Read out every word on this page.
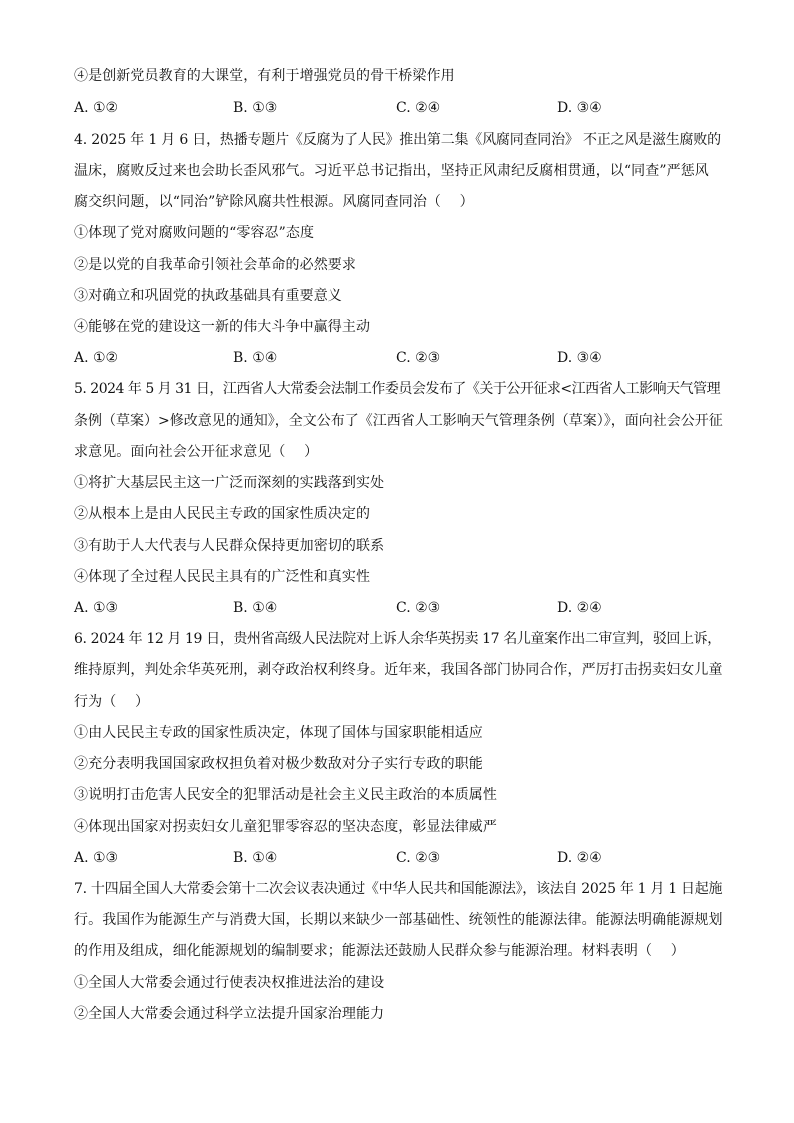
④是创新党员教育的大课堂，有利于增强党员的骨干桥梁作用
A. ①②	B. ①③	C. ②④	D. ③④
4. 2025 年 1 月 6 日，热播专题片《反腐为了人民》推出第二集《风腐同查同治》 不正之风是滋生腐败的
温床，腐败反过来也会助长歪风邪气。习近平总书记指出，坚持正风肃纪反腐相贯通，以“同查”严惩风
腐交织问题，以“同治”铲除风腐共性根源。风腐同查同治（　 ）
①体现了党对腐败问题的“零容忍”态度
②是以党的自我革命引领社会革命的必然要求
③对确立和巩固党的执政基础具有重要意义
④能够在党的建设这一新的伟大斗争中赢得主动
A. ①②	B. ①④	C. ②③	D. ③④
5. 2024 年 5 月 31 日，江西省人大常委会法制工作委员会发布了《关于公开征求<江西省人工影响天气管理
条例（草案）>修改意见的通知》，全文公布了《江西省人工影响天气管理条例（草案）》，面向社会公开征
求意见。面向社会公开征求意见（　 ）
①将扩大基层民主这一广泛而深刻的实践落到实处
②从根本上是由人民民主专政的国家性质决定的
③有助于人大代表与人民群众保持更加密切的联系
④体现了全过程人民民主具有的广泛性和真实性
A. ①③	B. ①④	C. ②③	D. ②④
6. 2024 年 12 月 19 日，贵州省高级人民法院对上诉人余华英拐卖 17 名儿童案作出二审宣判，驳回上诉，
维持原判，判处余华英死刑，剥夺政治权利终身。近年来，我国各部门协同合作，严厉打击拐卖妇女儿童
行为（　 ）
①由人民民主专政的国家性质决定，体现了国体与国家职能相适应
②充分表明我国国家政权担负着对极少数敌对分子实行专政的职能
③说明打击危害人民安全的犯罪活动是社会主义民主政治的本质属性
④体现出国家对拐卖妇女儿童犯罪零容忍的坚决态度，彰显法律威严
A. ①③	B. ①④	C. ②③	D. ②④
7. 十四届全国人大常委会第十二次会议表决通过《中华人民共和国能源法》，该法自 2025 年 1 月 1 日起施
行。我国作为能源生产与消费大国，长期以来缺少一部基础性、统领性的能源法律。能源法明确能源规划
的作用及组成，细化能源规划的编制要求；能源法还鼓励人民群众参与能源治理。材料表明（　 ）
①全国人大常委会通过行使表决权推进法治的建设
②全国人大常委会通过科学立法提升国家治理能力
